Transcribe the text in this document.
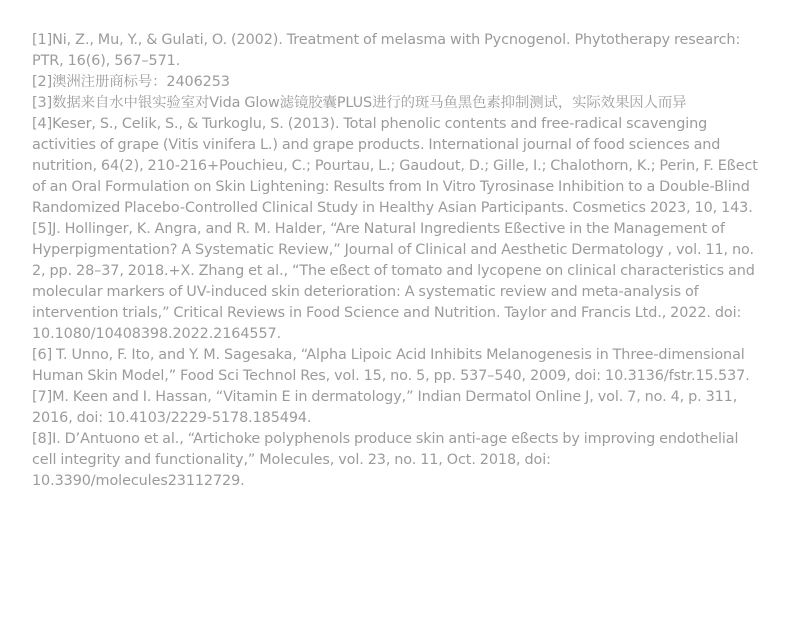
[1]Ni, Z., Mu, Y., & Gulati, O. (2002). Treatment of melasma with Pycnogenol. Phytotherapy research: PTR, 16(6), 567–571.

[2]澳洲注册商标号：2406253

[3]数据来自水中银实验室对Vida Glow滤镜胶囊PLUS进行的斑马鱼黑色素抑制测试，实际效果因人而异

[4]Keser, S., Celik, S., & Turkoglu, S. (2013). Total phenolic contents and free-radical scavenging activities of grape (Vitis vinifera L.) and grape products. International journal of food sciences and nutrition, 64(2), 210-216+Pouchieu, C.; Pourtau, L.; Gaudout, D.; Gille, I.; Chalothorn, K.; Perin, F. Eßect of an Oral Formulation on Skin Lightening: Results from In Vitro Tyrosinase Inhibition to a Double-Blind Randomized Placebo-Controlled Clinical Study in Healthy Asian Participants. Cosmetics 2023, 10, 143.

[5]J. Hollinger, K. Angra, and R. M. Halder, “Are Natural Ingredients Eßective in the Management of Hyperpigmentation? A Systematic Review,” Journal of Clinical and Aesthetic Dermatology , vol. 11, no. 2, pp. 28–37, 2018.+X. Zhang et al., “The eßect of tomato and lycopene on clinical characteristics and molecular markers of UV-induced skin deterioration: A systematic review and meta-analysis of intervention trials,” Critical Reviews in Food Science and Nutrition. Taylor and Francis Ltd., 2022. doi: 10.1080/10408398.2022.2164557.

[6] T. Unno, F. Ito, and Y. M. Sagesaka, “Alpha Lipoic Acid Inhibits Melanogenesis in Three-dimensional Human Skin Model,” Food Sci Technol Res, vol. 15, no. 5, pp. 537–540, 2009, doi: 10.3136/fstr.15.537.

[7]M. Keen and I. Hassan, “Vitamin E in dermatology,” Indian Dermatol Online J, vol. 7, no. 4, p. 311, 2016, doi: 10.4103/2229-5178.185494.

[8]I. D’Antuono et al., “Artichoke polyphenols produce skin anti-age eßects by improving endothelial cell integrity and functionality,” Molecules, vol. 23, no. 11, Oct. 2018, doi: 10.3390/molecules23112729.
